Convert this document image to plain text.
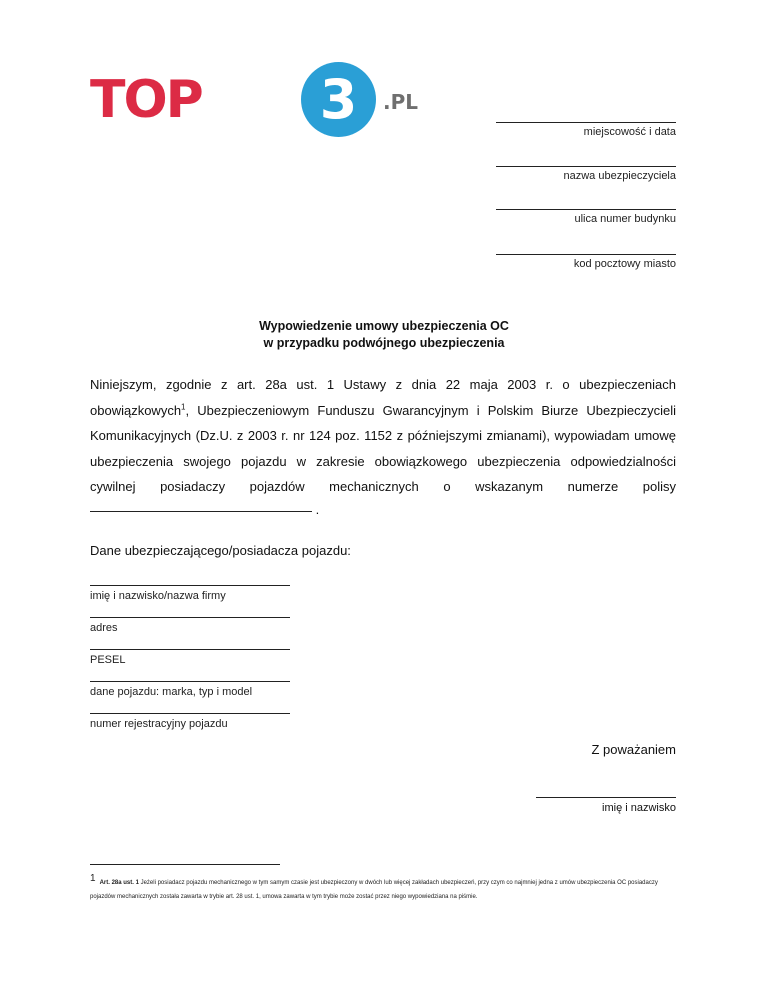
TOP	3	.PL
miejscowość i data
nazwa ubezpieczyciela
ulica numer budynku
kod pocztowy miasto
Wypowiedzenie umowy ubezpieczenia OC
w przypadku podwójnego ubezpieczenia
Niniejszym, zgodnie z art. 28a ust. 1 Ustawy z dnia 22 maja 2003 r. o ubezpieczeniach obowiązkowych$^1$, Ubezpieczeniowym Funduszu Gwarancyjnym i Polskim Biurze Ubezpieczycieli Komunikacyjnych (Dz.U. z 2003 r. nr 124 poz. 1152 z późniejszymi zmianami), wypowiadam umowę ubezpieczenia swojego pojazdu w zakresie obowiązkowego ubezpieczenia odpowiedzialności cywilnej posiadaczy pojazdów mechanicznych o wskazanym numerze polisy
.
Dane ubezpieczającego/posiadacza pojazdu:
imię i nazwisko/nazwa firmy
adres
PESEL
dane pojazdu: marka, typ i model
numer rejestracyjny pojazdu
Z poważaniem
imię i nazwisko
1 Art. 28a ust. 1 Jeżeli posiadacz pojazdu mechanicznego w tym samym czasie jest ubezpieczony w dwóch lub więcej zakładach ubezpieczeń, przy czym co najmniej jedna z umów ubezpieczenia OC posiadaczy pojazdów mechanicznych została zawarta w trybie art. 28 ust. 1, umowa zawarta w tym trybie może zostać przez niego wypowiedziana na piśmie.
